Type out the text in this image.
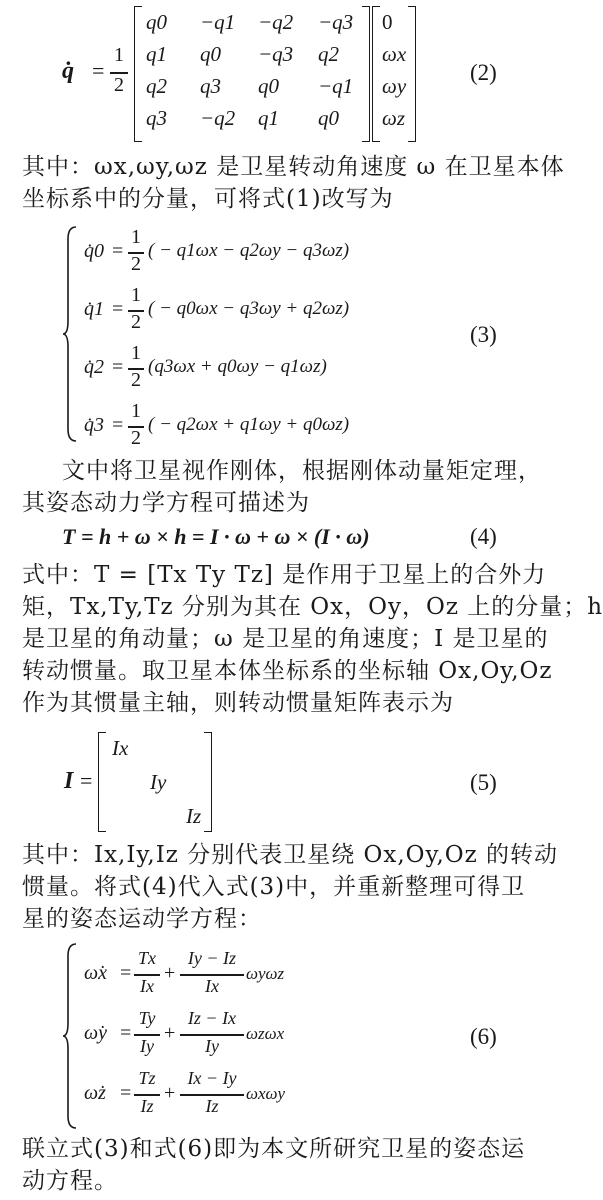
q̇ =
1
2
q0 −q1 −q2 −q3
q1 q0 −q3 q2
q2 q3 q0 −q1
q3 −q2 q1 q0
0
ωx
ωy
ωz
(2)
其中：ωx,ωy,ωz 是卫星转动角速度 ω 在卫星本体
坐标系中的分量，可将式(1)改写为
q̇0 =
1
2
( − q1ωx − q2ωy − q3ωz)
q̇1 =
1
2
( − q0ωx − q3ωy + q2ωz)
q̇2 =
1
2
(q3ωx + q0ωy − q1ωz)
q̇3 =
1
2
( − q2ωx + q1ωy + q0ωz)
(3)
文中将卫星视作刚体，根据刚体动量矩定理，
其姿态动力学方程可描述为
T = h + ω × h = I · ω + ω × (I · ω)	(4)
式中：T = [Tx Ty Tz] 是作用于卫星上的合外力
矩，Tx,Ty,Tz 分别为其在 Ox，Oy，Oz 上的分量；h
是卫星的角动量；ω 是卫星的角速度；I 是卫星的
转动惯量。取卫星本体坐标系的坐标轴 Ox,Oy,Oz
作为其惯量主轴，则转动惯量矩阵表示为
I =
Ix
Iy
Iz
(5)
其中：Ix,Iy,Iz 分别代表卫星绕 Ox,Oy,Oz 的转动
惯量。将式(4)代入式(3)中，并重新整理可得卫
星的姿态运动学方程：
ω̇x =
Tx
Ix
+
Iy − Iz
Ix
ωyωz
ω̇y =
Ty
Iy
+
Iz − Ix
Iy
ωzωx
ω̇z =
Tz
Iz
+
Ix − Iy
Iz
ωxωy
(6)
联立式(3)和式(6)即为本文所研究卫星的姿态运
动方程。
